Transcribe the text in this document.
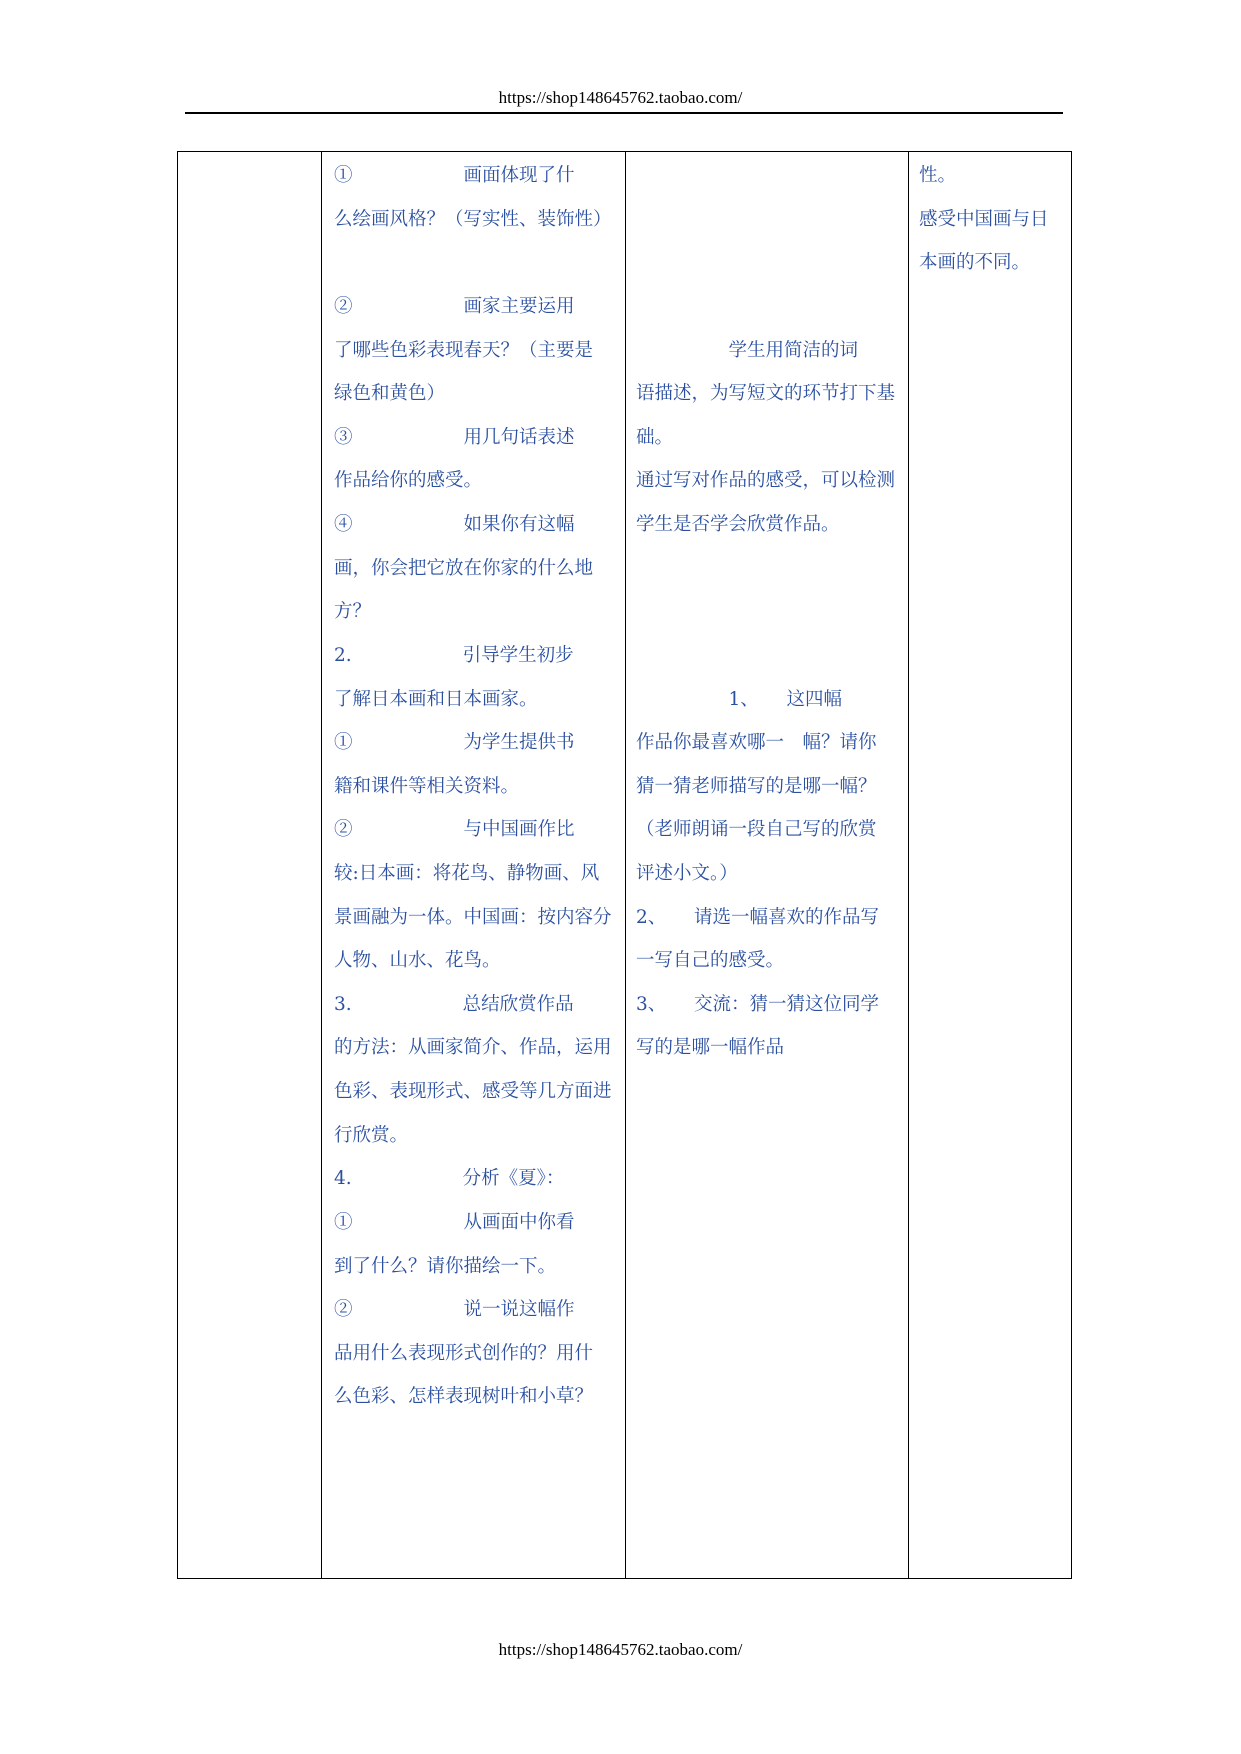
https://shop148645762.taobao.com/
①　　　　　　画面体现了什
么绘画风格？（写实性、装饰性）
②　　　　　　画家主要运用
了哪些色彩表现春天？（主要是
绿色和黄色）
③　　　　　　用几句话表述
作品给你的感受。
④　　　　　　如果你有这幅
画，你会把它放在你家的什么地
方？
2.　　　　　　引导学生初步
了解日本画和日本画家。
①　　　　　　为学生提供书
籍和课件等相关资料。
②　　　　　　与中国画作比
较:日本画：将花鸟、静物画、风
景画融为一体。中国画：按内容分
人物、山水、花鸟。
3.　　　　　　总结欣赏作品
的方法：从画家简介、作品，运用
色彩、表现形式、感受等几方面进
行欣赏。
4.　　　　　　分析《夏》：
①　　　　　　从画面中你看
到了什么？请你描绘一下。
②　　　　　　说一说这幅作
品用什么表现形式创作的？用什
么色彩、怎样表现树叶和小草？
　　　　　学生用简洁的词
语描述，为写短文的环节打下基
础。
通过写对作品的感受，可以检测
学生是否学会欣赏作品。
　　　　　1、　　这四幅
作品你最喜欢哪一　幅？请你
猜一猜老师描写的是哪一幅？
（老师朗诵一段自己写的欣赏
评述小文。）
2、　　请选一幅喜欢的作品写
一写自己的感受。
3、　　交流：猜一猜这位同学
写的是哪一幅作品
性。
感受中国画与日
本画的不同。
https://shop148645762.taobao.com/
